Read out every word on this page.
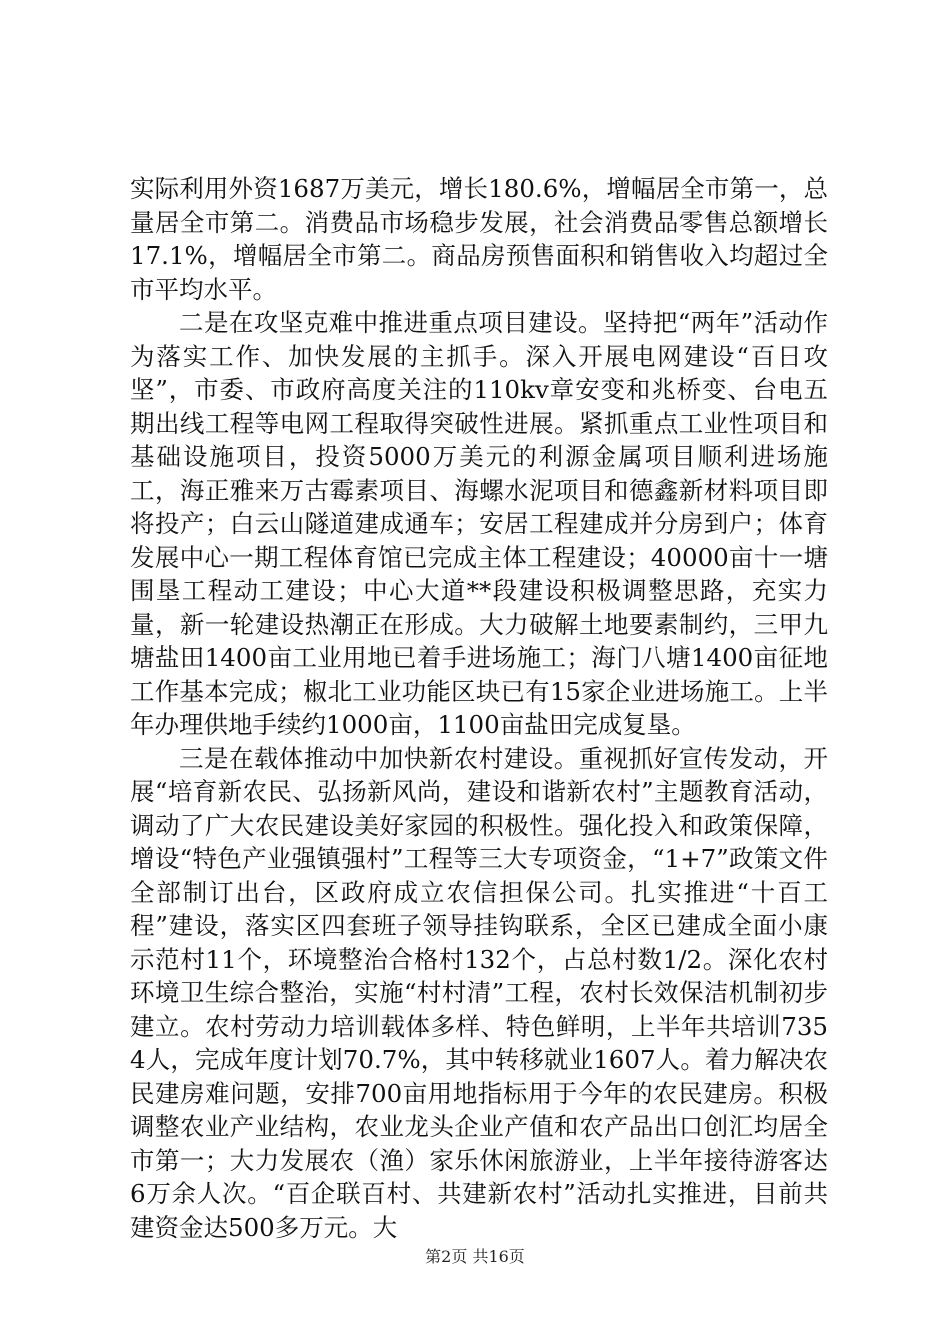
实际利用外资1687万美元，增长180.6%，增幅居全市第一，总量居全市第二。消费品市场稳步发展，社会消费品零售总额增长17.1%，增幅居全市第二。商品房预售面积和销售收入均超过全市平均水平。

二是在攻坚克难中推进重点项目建设。坚持把“两年”活动作为落实工作、加快发展的主抓手。深入开展电网建设“百日攻坚”，市委、市政府高度关注的110kv章安变和兆桥变、台电五期出线工程等电网工程取得突破性进展。紧抓重点工业性项目和基础设施项目，投资5000万美元的利源金属项目顺利进场施工，海正雅来万古霉素项目、海螺水泥项目和德鑫新材料项目即将投产；白云山隧道建成通车；安居工程建成并分房到户；体育发展中心一期工程体育馆已完成主体工程建设；40000亩十一塘围垦工程动工建设；中心大道**段建设积极调整思路，充实力量，新一轮建设热潮正在形成。大力破解土地要素制约，三甲九塘盐田1400亩工业用地已着手进场施工；海门八塘1400亩征地工作基本完成；椒北工业功能区块已有15家企业进场施工。上半年办理供地手续约1000亩，1100亩盐田完成复垦。

三是在载体推动中加快新农村建设。重视抓好宣传发动，开展“培育新农民、弘扬新风尚，建设和谐新农村”主题教育活动，调动了广大农民建设美好家园的积极性。强化投入和政策保障，增设“特色产业强镇强村”工程等三大专项资金，“1+7”政策文件全部制订出台，区政府成立农信担保公司。扎实推进“十百工程”建设，落实区四套班子领导挂钩联系，全区已建成全面小康示范村11个，环境整治合格村132个，占总村数1/2。深化农村环境卫生综合整治，实施“村村清”工程，农村长效保洁机制初步建立。农村劳动力培训载体多样、特色鲜明，上半年共培训7354人，完成年度计划70.7%，其中转移就业1607人。着力解决农民建房难问题，安排700亩用地指标用于今年的农民建房。积极调整农业产业结构，农业龙头企业产值和农产品出口创汇均居全市第一；大力发展农（渔）家乐休闲旅游业，上半年接待游客达6万余人次。“百企联百村、共建新农村”活动扎实推进，目前共建资金达500多万元。大

第2页 共16页
